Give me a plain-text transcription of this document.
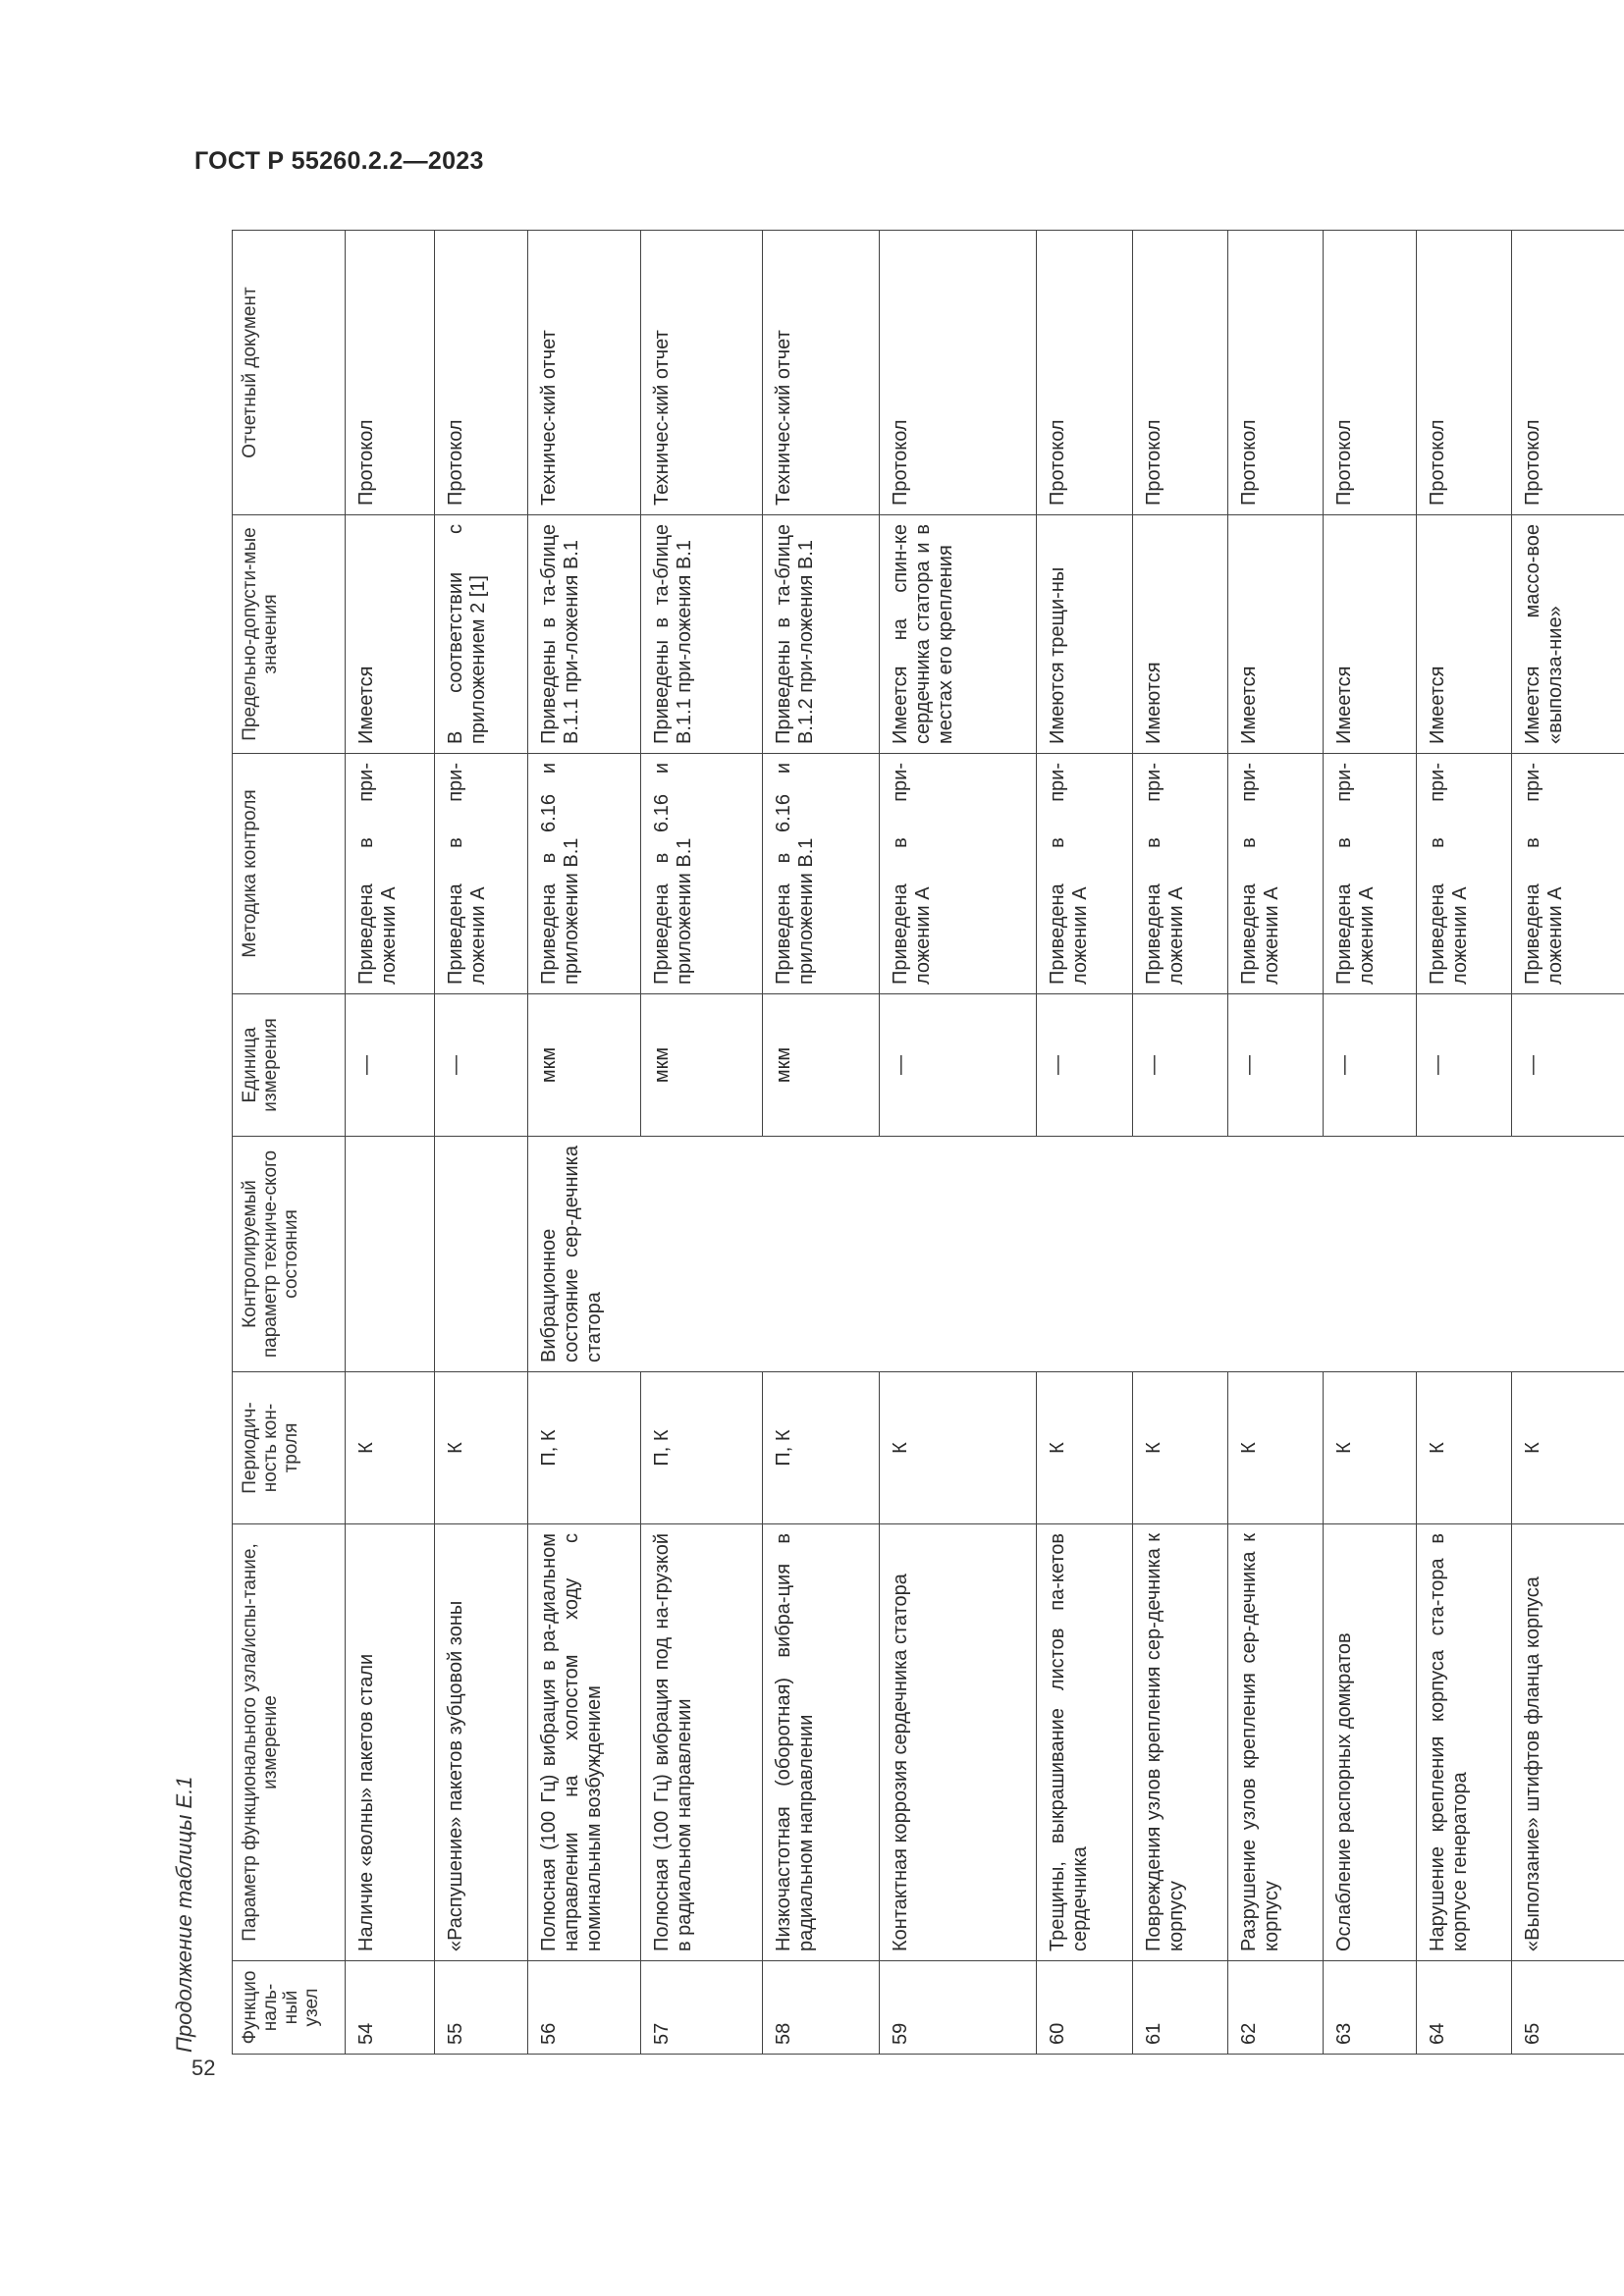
ГОСТ Р 55260.2.2—2023
Продолжение таблицы Е.1 Функциональ-ный узел	Параметр функционального узла/испы-тание, измерение	Периодич-ность кон-троля	Контролируемый параметр техниче-ского состояния	Единица измерения	Методика контроля	Предельно-допусти-мые значения	Отчетный документ
54	Наличие «волны» пакетов стали	К		—	Приведена в при-ложении А	Имеется	Протокол
55	«Распушение» пакетов зубцовой зоны	К		—	Приведена в при-ложении А	В соответствии с приложением 2 [1]	Протокол
56	Полюсная (100 Гц) вибрация в ра-диальном направлении на холостом ходу с номинальным возбуждением	П, К	Вибрационное состояние сер-дечника статора	мкм	Приведена в 6.16 и приложении В.1	Приведены в та-блице В.1.1 при-ложения В.1	Техничес-кий отчет
57	Полюсная (100 Гц) вибрация под на-грузкой в радиальном направлении	П, К		мкм	Приведена в 6.16 и приложении В.1	Приведены в та-блице В.1.1 при-ложения В.1	Техничес-кий отчет
58	Низкочастотная (оборотная) вибра-ция в радиальном направлении	П, К		мкм	Приведена в 6.16 и приложении В.1	Приведены в та-блице В.1.2 при-ложения В.1	Техничес-кий отчет
59	Контактная коррозия сердечника статора	К		—	Приведена в при-ложении А	Имеется на спин-ке сердечника статора и в местах его крепления	Протокол
60	Трещины, выкрашивание листов па-кетов сердечника	К		—	Приведена в при-ложении А	Имеются трещи-ны	Протокол
61	Повреждения узлов крепления сер-дечника к корпусу	К		—	Приведена в при-ложении А	Имеются	Протокол
62	Разрушение узлов крепления сер-дечника к корпусу	К		—	Приведена в при-ложении А	Имеется	Протокол
63	Ослабление распорных домкратов	К		—	Приведена в при-ложении А	Имеется	Протокол
64	Нарушение крепления корпуса ста-тора в корпусе генератора	К		—	Приведена в при-ложении А	Имеется	Протокол
65	«Выползание» штифтов фланца корпуса	К		—	Приведена в при-ложении А	Имеется массо-вое «выполза-ние»	Протокол
52
